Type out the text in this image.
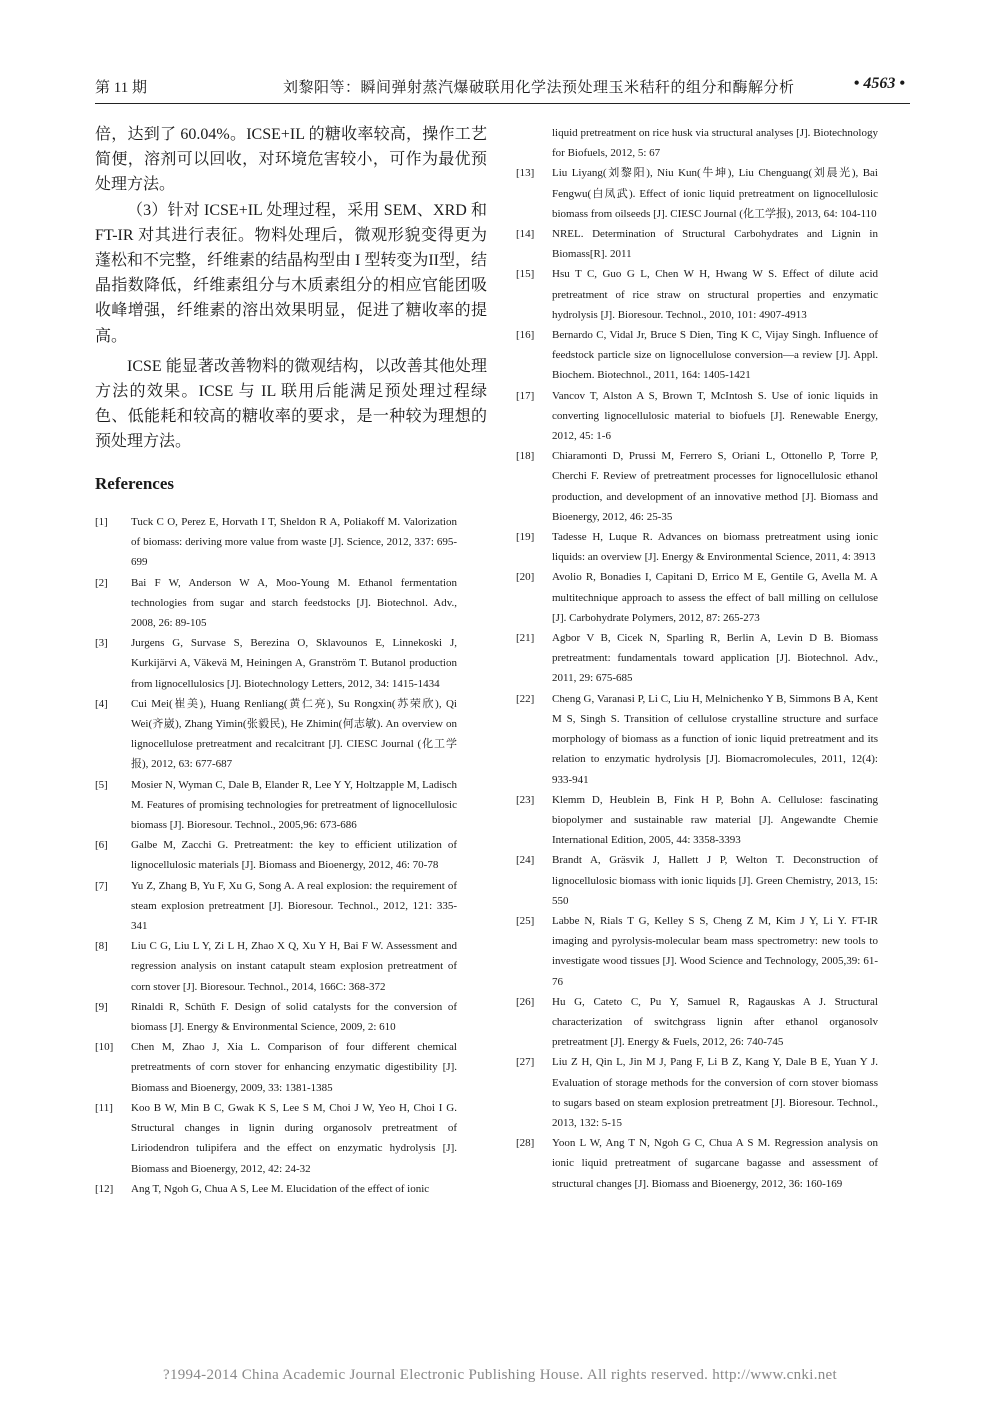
第 11 期	刘黎阳等：瞬间弹射蒸汽爆破联用化学法预处理玉米秸秆的组分和酶解分析	• 4563 •

倍，达到了 60.04%。ICSE+IL 的糖收率较高，操作工艺简便，溶剂可以回收，对环境危害较小，可作为最优预处理方法。

（3）针对 ICSE+IL 处理过程，采用 SEM、XRD 和 FT-IR 对其进行表征。物料处理后，微观形貌变得更为蓬松和不完整，纤维素的结晶构型由 I 型转变为II型，结晶指数降低，纤维素组分与木质素组分的相应官能团吸收峰增强，纤维素的溶出效果明显，促进了糖收率的提高。

ICSE 能显著改善物料的微观结构，以改善其他处理方法的效果。ICSE 与 IL 联用后能满足预处理过程绿色、低能耗和较高的糖收率的要求，是一种较为理想的预处理方法。

References
[1] Tuck C O, Perez E, Horvath I T, Sheldon R A, Poliakoff M. Valorization of biomass: deriving more value from waste [J]. Science, 2012, 337: 695-699
[2] Bai F W, Anderson W A, Moo-Young M. Ethanol fermentation technologies from sugar and starch feedstocks [J]. Biotechnol. Adv., 2008, 26: 89-105
[3] Jurgens G, Survase S, Berezina O, Sklavounos E, Linnekoski J, Kurkijärvi A, Väkevä M, Heiningen A, Granström T. Butanol production from lignocellulosics [J]. Biotechnology Letters, 2012, 34: 1415-1434
[4] Cui Mei(崔美), Huang Renliang(黄仁亮), Su Rongxin(苏荣欣), Qi Wei(齐崴), Zhang Yimin(张毅民), He Zhimin(何志敏). An overview on lignocellulose pretreatment and recalcitrant [J]. CIESC Journal (化工学报), 2012, 63: 677-687
[5] Mosier N, Wyman C, Dale B, Elander R, Lee Y Y, Holtzapple M, Ladisch M. Features of promising technologies for pretreatment of lignocellulosic biomass [J]. Bioresour. Technol., 2005,96: 673-686
[6] Galbe M, Zacchi G. Pretreatment: the key to efficient utilization of lignocellulosic materials [J]. Biomass and Bioenergy, 2012, 46: 70-78
[7] Yu Z, Zhang B, Yu F, Xu G, Song A. A real explosion: the requirement of steam explosion pretreatment [J]. Bioresour. Technol., 2012, 121: 335-341
[8] Liu C G, Liu L Y, Zi L H, Zhao X Q, Xu Y H, Bai F W. Assessment and regression analysis on instant catapult steam explosion pretreatment of corn stover [J]. Bioresour. Technol., 2014, 166C: 368-372
[9] Rinaldi R, Schüth F. Design of solid catalysts for the conversion of biomass [J]. Energy & Environmental Science, 2009, 2: 610
[10] Chen M, Zhao J, Xia L. Comparison of four different chemical pretreatments of corn stover for enhancing enzymatic digestibility [J]. Biomass and Bioenergy, 2009, 33: 1381-1385
[11] Koo B W, Min B C, Gwak K S, Lee S M, Choi J W, Yeo H, Choi I G. Structural changes in lignin during organosolv pretreatment of Liriodendron tulipifera and the effect on enzymatic hydrolysis [J]. Biomass and Bioenergy, 2012, 42: 24-32
[12] Ang T, Ngoh G, Chua A S, Lee M. Elucidation of the effect of ionic
liquid pretreatment on rice husk via structural analyses [J]. Biotechnology for Biofuels, 2012, 5: 67
[13] Liu Liyang(刘黎阳), Niu Kun(牛坤), Liu Chenguang(刘晨光), Bai Fengwu(白凤武). Effect of ionic liquid pretreatment on lignocellulosic biomass from oilseeds [J]. CIESC Journal (化工学报), 2013, 64: 104-110
[14] NREL. Determination of Structural Carbohydrates and Lignin in Biomass[R]. 2011
[15] Hsu T C, Guo G L, Chen W H, Hwang W S. Effect of dilute acid pretreatment of rice straw on structural properties and enzymatic hydrolysis [J]. Bioresour. Technol., 2010, 101: 4907-4913
[16] Bernardo C, Vidal Jr, Bruce S Dien, Ting K C, Vijay Singh. Influence of feedstock particle size on lignocellulose conversion—a review [J]. Appl. Biochem. Biotechnol., 2011, 164: 1405-1421
[17] Vancov T, Alston A S, Brown T, McIntosh S. Use of ionic liquids in converting lignocellulosic material to biofuels [J]. Renewable Energy, 2012, 45: 1-6
[18] Chiaramonti D, Prussi M, Ferrero S, Oriani L, Ottonello P, Torre P, Cherchi F. Review of pretreatment processes for lignocellulosic ethanol production, and development of an innovative method [J]. Biomass and Bioenergy, 2012, 46: 25-35
[19] Tadesse H, Luque R. Advances on biomass pretreatment using ionic liquids: an overview [J]. Energy & Environmental Science, 2011, 4: 3913
[20] Avolio R, Bonadies I, Capitani D, Errico M E, Gentile G, Avella M. A multitechnique approach to assess the effect of ball milling on cellulose [J]. Carbohydrate Polymers, 2012, 87: 265-273
[21] Agbor V B, Cicek N, Sparling R, Berlin A, Levin D B. Biomass pretreatment: fundamentals toward application [J]. Biotechnol. Adv., 2011, 29: 675-685
[22] Cheng G, Varanasi P, Li C, Liu H, Melnichenko Y B, Simmons B A, Kent M S, Singh S. Transition of cellulose crystalline structure and surface morphology of biomass as a function of ionic liquid pretreatment and its relation to enzymatic hydrolysis [J]. Biomacromolecules, 2011, 12(4): 933-941
[23] Klemm D, Heublein B, Fink H P, Bohn A. Cellulose: fascinating biopolymer and sustainable raw material [J]. Angewandte Chemie International Edition, 2005, 44: 3358-3393
[24] Brandt A, Gräsvik J, Hallett J P, Welton T. Deconstruction of lignocellulosic biomass with ionic liquids [J]. Green Chemistry, 2013, 15: 550
[25] Labbe N, Rials T G, Kelley S S, Cheng Z M, Kim J Y, Li Y. FT-IR imaging and pyrolysis-molecular beam mass spectrometry: new tools to investigate wood tissues [J]. Wood Science and Technology, 2005,39: 61-76
[26] Hu G, Cateto C, Pu Y, Samuel R, Ragauskas A J. Structural characterization of switchgrass lignin after ethanol organosolv pretreatment [J]. Energy & Fuels, 2012, 26: 740-745
[27] Liu Z H, Qin L, Jin M J, Pang F, Li B Z, Kang Y, Dale B E, Yuan Y J. Evaluation of storage methods for the conversion of corn stover biomass to sugars based on steam explosion pretreatment [J]. Bioresour. Technol., 2013, 132: 5-15
[28] Yoon L W, Ang T N, Ngoh G C, Chua A S M. Regression analysis on ionic liquid pretreatment of sugarcane bagasse and assessment of structural changes [J]. Biomass and Bioenergy, 2012, 36: 160-169
?1994-2014 China Academic Journal Electronic Publishing House. All rights reserved. http://www.cnki.net
